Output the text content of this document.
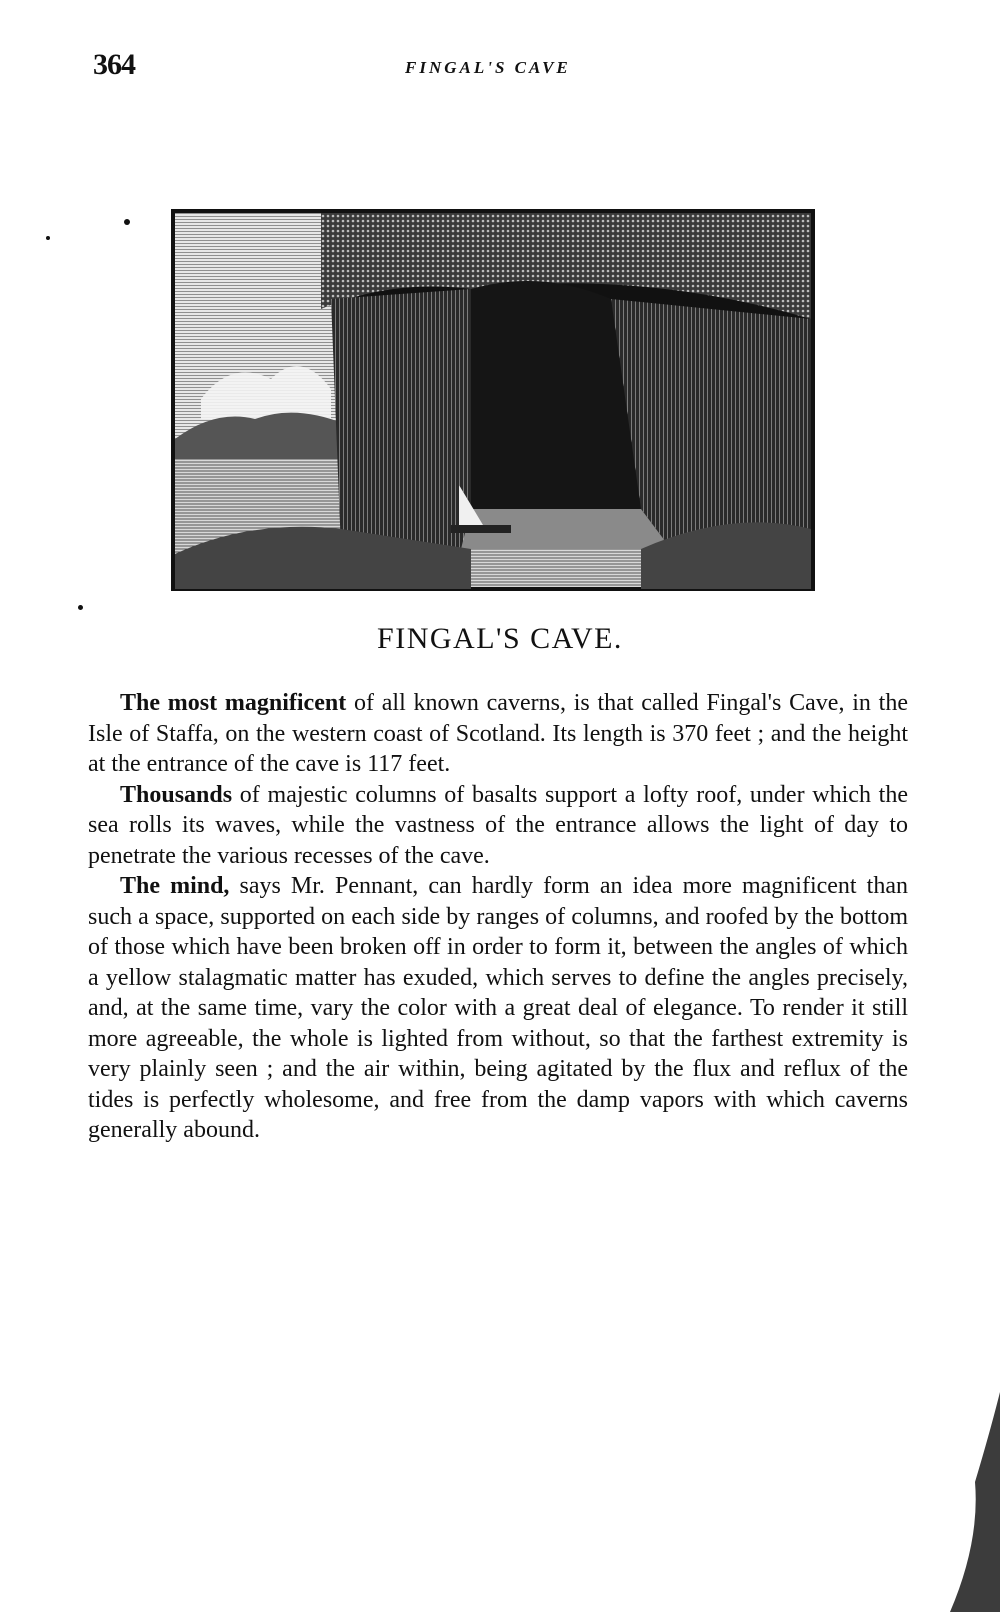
364	FINGAL'S CAVE
FINGAL'S CAVE.

The most magnificent of all known caverns, is that called Fingal's Cave, in the Isle of Staffa, on the western coast of Scotland. Its length is 370 feet ; and the height at the entrance of the cave is 117 feet.

Thousands of majestic columns of basalts support a lofty roof, under which the sea rolls its waves, while the vastness of the entrance allows the light of day to penetrate the various recesses of the cave.

The mind, says Mr. Pennant, can hardly form an idea more magnificent than such a space, supported on each side by ranges of columns, and roofed by the bottom of those which have been broken off in order to form it, between the angles of which a yellow stalagmatic matter has exuded, which serves to define the angles precisely, and, at the same time, vary the color with a great deal of elegance. To render it still more agreeable, the whole is lighted from without, so that the farthest extremity is very plainly seen ; and the air within, being agitated by the flux and reflux of the tides is perfectly wholesome, and free from the damp vapors with which caverns generally abound.
